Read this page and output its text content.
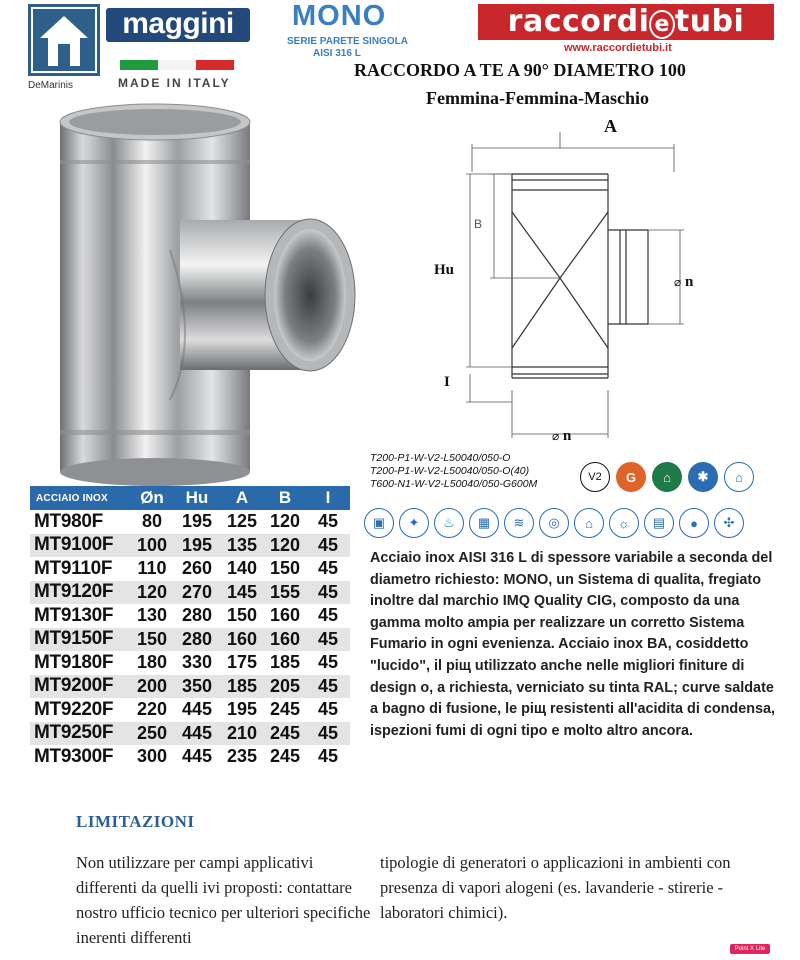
DeMarinis
maggini
MADE IN ITALY
MONO
SERIE PARETE SINGOLA
AISI 316 L
raccordi e tubi
www.raccordietubi.it
RACCORDO A TE A 90° DIAMETRO 100
Femmina-Femmina-Maschio
B
A
Hu
I
⌀ n
⌀ n
T200-P1-W-V2-L50040/050-O
T200-P1-W-V2-L50040/050-O(40)
T600-N1-W-V2-L50040/050-G600M
V2	G	⌂	✱	⌂
▣	✦	♨	▦	≋	◎	⌂	☼	▤	●	✣
ACCIAIO INOX	Øn	Hu	A	B	I
MT980F	80	195 125 120 45
MT9100F	100 195 135 120 45
MT9110F	110 260 140 150 45
MT9120F	120 270 145 155 45
MT9130F	130 280 150 160 45
MT9150F	150 280 160 160 45
MT9180F	180 330 175 185 45
MT9200F	200 350 185 205 45
MT9220F	220 445 195 245 45
MT9250F	250 445 210 245 45
MT9300F	300 445 235 245 45
Acciaio inox AISI 316 L di spessore variabile a seconda del diametro richiesto: MONO, un Sistema di qualita, fregiato inoltre dal marchio IMQ Quality CIG, composto da una gamma molto ampia per realizzare un corretto Sistema Fumario in ogni evenienza. Acciaio inox BA, cosiddetto "lucido", il piщ utilizzato anche nelle migliori finiture di design o, a richiesta, verniciato su tinta RAL; curve saldate a bagno di fusione, le piщ resistenti all'acidita di condensa, ispezioni fumi di ogni tipo e molto altro ancora.
LIMITAZIONI
Non utilizzare per campi applicativi differenti da quelli ivi proposti: contattare nostro ufficio tecnico per ulteriori specifiche inerenti differenti
tipologie di generatori o applicazioni in ambienti con presenza di vapori alogeni (es. lavanderie - stirerie - laboratori chimici).
Point X Lite
